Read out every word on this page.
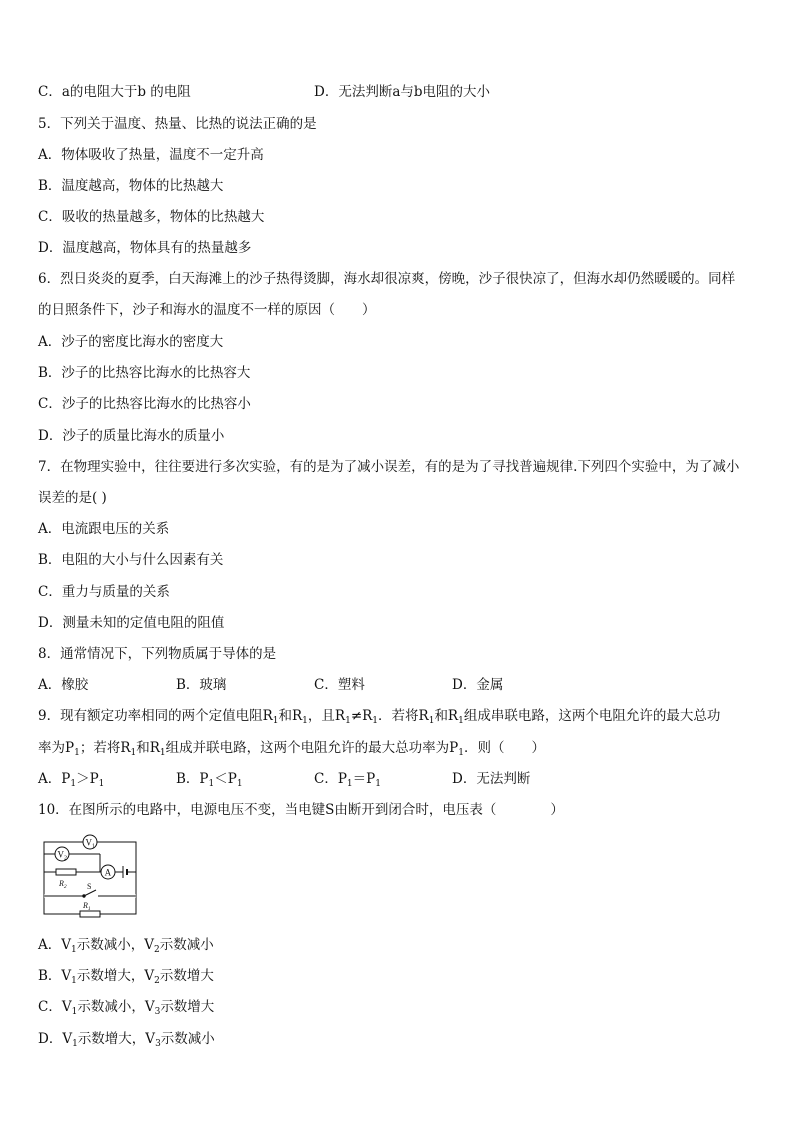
C．a的电阻大于b 的电阻	D．无法判断a与b电阻的大小
5．下列关于温度、热量、比热的说法正确的是
A．物体吸收了热量，温度不一定升高
B．温度越高，物体的比热越大
C．吸收的热量越多，物体的比热越大
D．温度越高，物体具有的热量越多
6．烈日炎炎的夏季，白天海滩上的沙子热得烫脚，海水却很凉爽，傍晚，沙子很快凉了，但海水却仍然暖暖的。同样
的日照条件下，沙子和海水的温度不一样的原因（　　）
A．沙子的密度比海水的密度大
B．沙子的比热容比海水的比热容大
C．沙子的比热容比海水的比热容小
D．沙子的质量比海水的质量小
7．在物理实验中，往往要进行多次实验，有的是为了减小误差，有的是为了寻找普遍规律.下列四个实验中，为了减小
误差的是( )
A．电流跟电压的关系
B．电阻的大小与什么因素有关
C．重力与质量的关系
D．测量未知的定值电阻的阻值
8．通常情况下，下列物质属于导体的是
A．橡胶	B．玻璃	C．塑料	D．金属
9．现有额定功率相同的两个定值电阻$R_1$和$R_1$，且$R_1\ne R_1$．若将$R_1$和$R_1$组成串联电路，这两个电阻允许的最大总功
率为$P_1$；若将$R_1$和$R_1$组成并联电路，这两个电阻允许的最大总功率为$P_1$．则（　　）
A．$P_1>P_1$	B．$P_1<P_1$	C．$P_1=P_1$	D．无法判断
10．在图所示的电路中，电源电压不变，当电键S由断开到闭合时，电压表（　　　　）
$V_1$
$V_2$
$R_2$
A
S
$R_1$
A．$V_1$示数减小，$V_2$示数减小
B．$V_1$示数增大，$V_2$示数增大
C．$V_1$示数减小，$V_3$示数增大
D．$V_1$示数增大，$V_3$示数减小
